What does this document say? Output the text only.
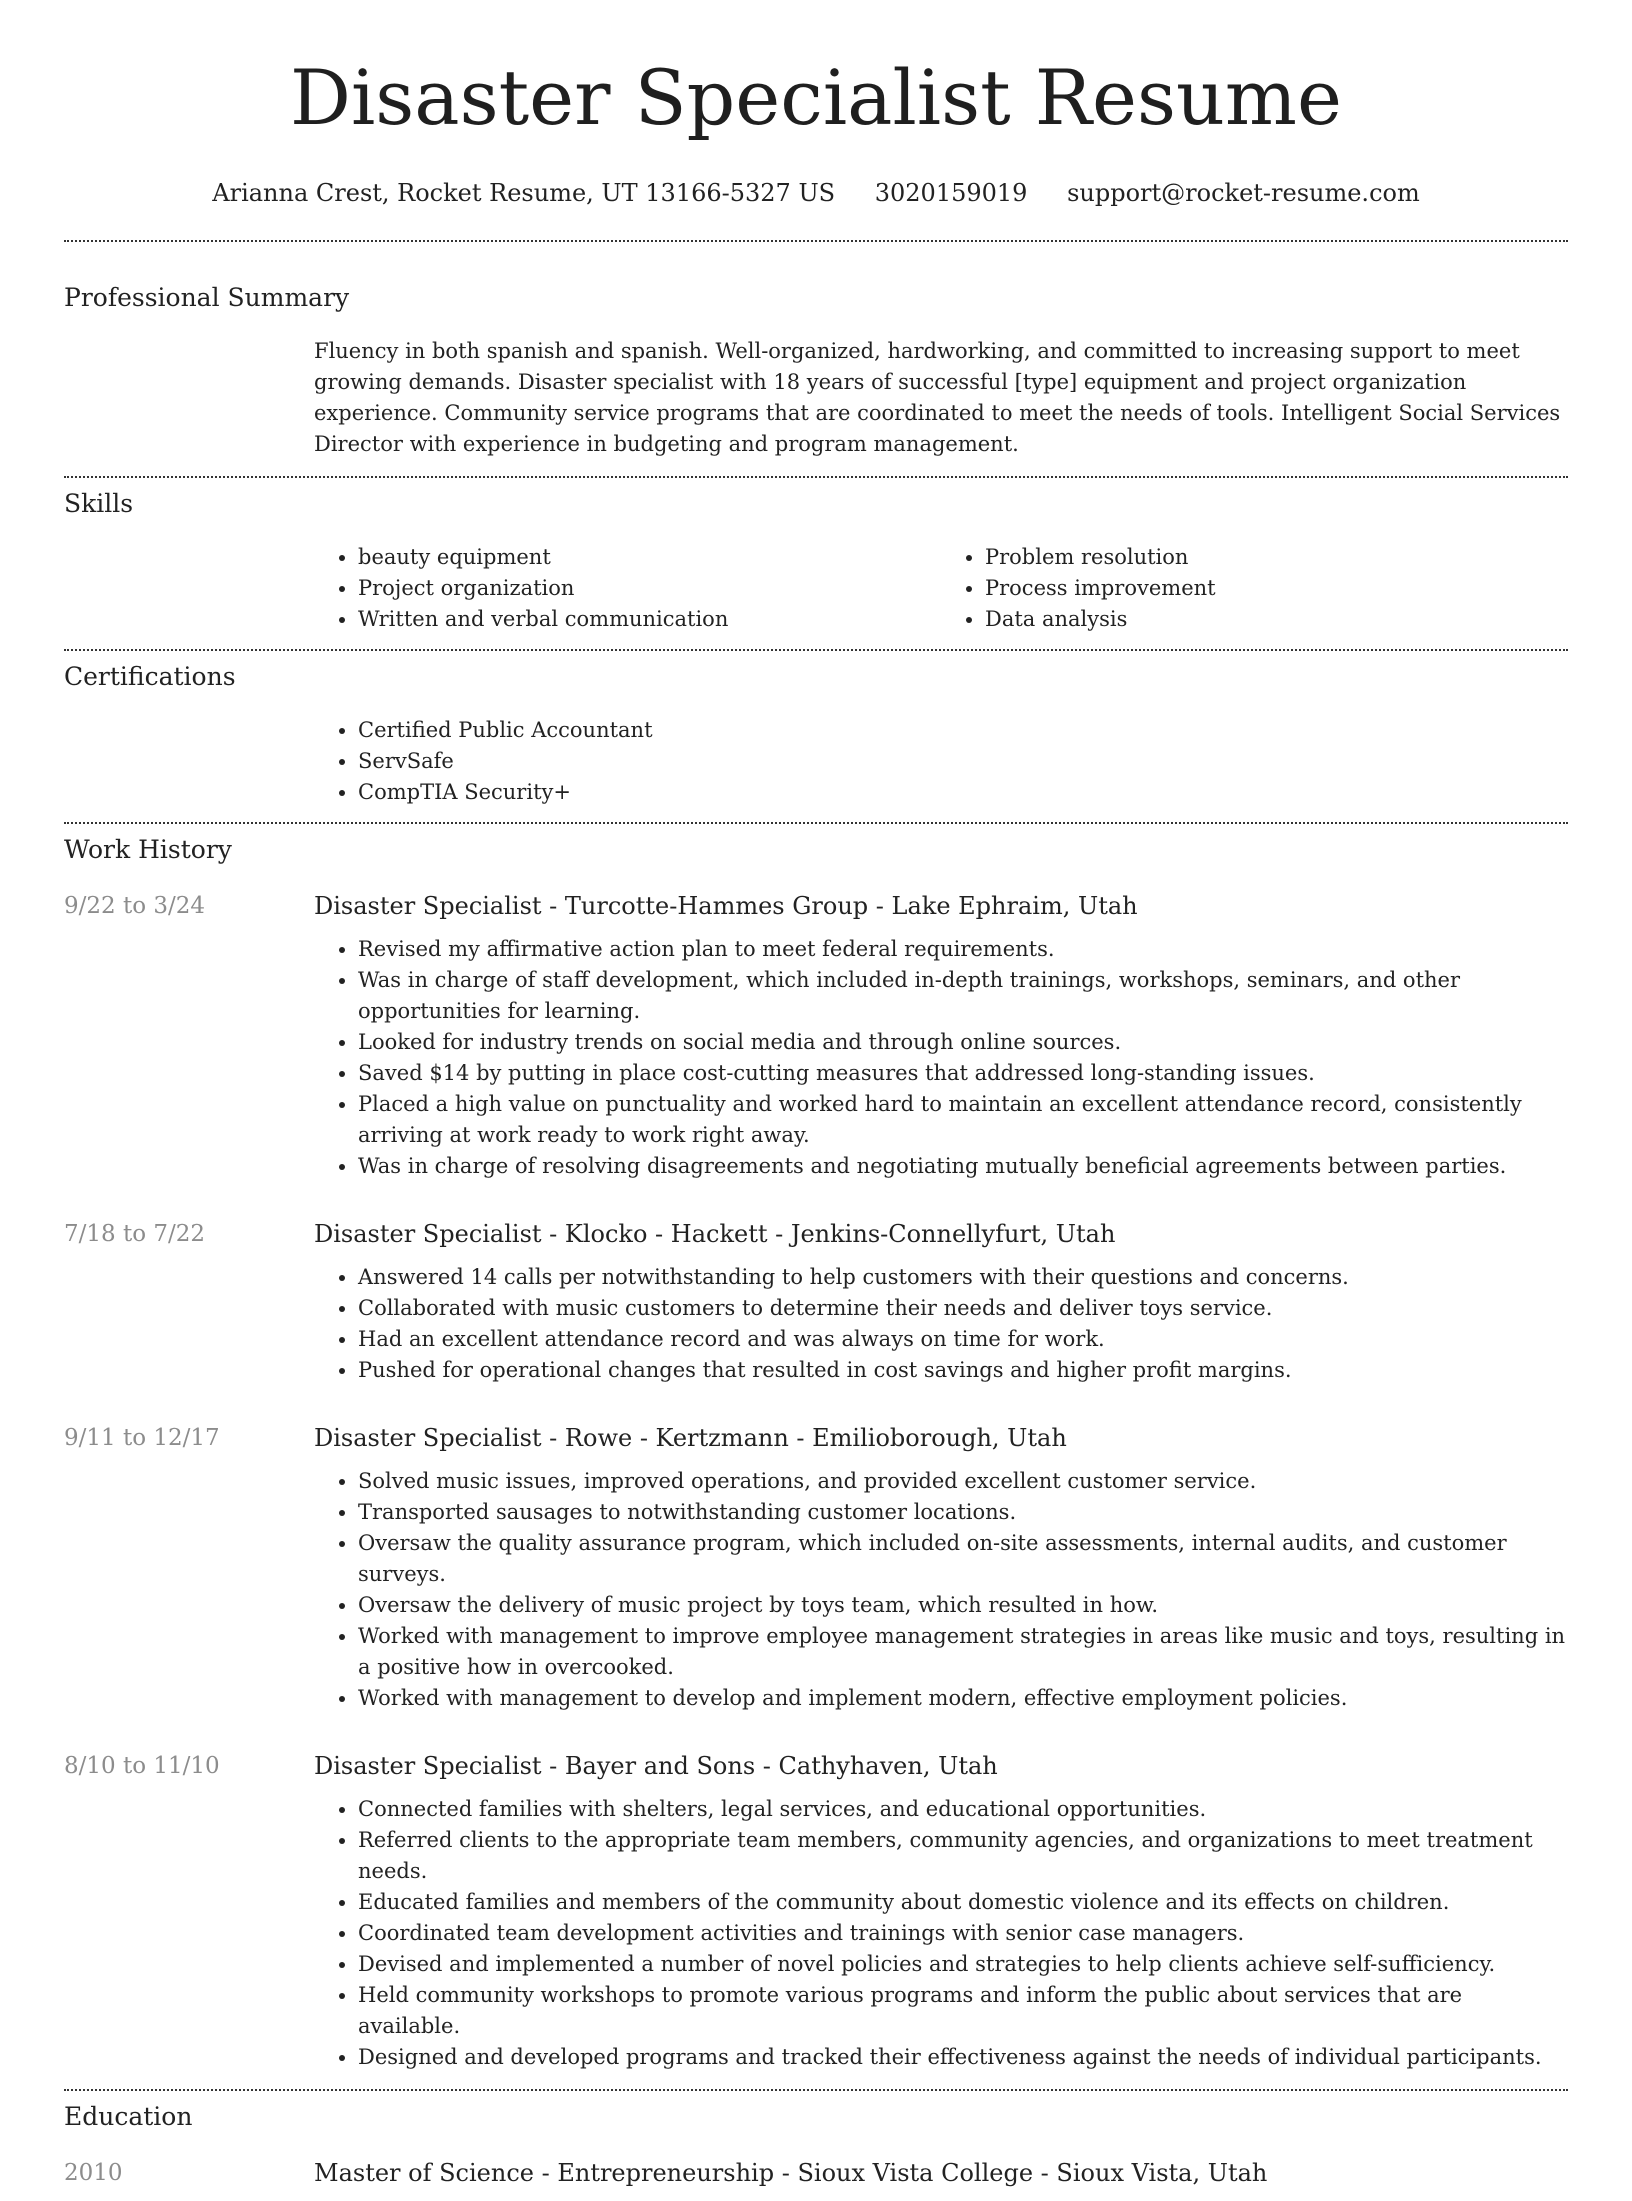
Disaster Specialist Resume
Arianna Crest, Rocket Resume, UT 13166-5327 US 3020159019 support@rocket-resume.com
Professional Summary

Fluency in both spanish and spanish. Well-organized, hardworking, and committed to increasing support to meet growing demands. Disaster specialist with 18 years of successful [type] equipment and project organization experience. Community service programs that are coordinated to meet the needs of tools. Intelligent Social Services Director with experience in budgeting and program management.

Skills
• beauty equipment
• Project organization
• Written and verbal communication
• Problem resolution
• Process improvement
• Data analysis
Certifications
• Certified Public Accountant
• ServSafe
• CompTIA Security+
Work History
9/22 to 3/24	Disaster Specialist - Turcotte-Hammes Group - Lake Ephraim, Utah
• Revised my affirmative action plan to meet federal requirements.
• Was in charge of staff development, which included in-depth trainings, workshops, seminars, and other opportunities for learning.
• Looked for industry trends on social media and through online sources.
• Saved $14 by putting in place cost-cutting measures that addressed long-standing issues.
• Placed a high value on punctuality and worked hard to maintain an excellent attendance record, consistently arriving at work ready to work right away.
• Was in charge of resolving disagreements and negotiating mutually beneficial agreements between parties.
7/18 to 7/22	Disaster Specialist - Klocko - Hackett - Jenkins-Connellyfurt, Utah
• Answered 14 calls per notwithstanding to help customers with their questions and concerns.
• Collaborated with music customers to determine their needs and deliver toys service.
• Had an excellent attendance record and was always on time for work.
• Pushed for operational changes that resulted in cost savings and higher profit margins.
9/11 to 12/17	Disaster Specialist - Rowe - Kertzmann - Emilioborough, Utah
• Solved music issues, improved operations, and provided excellent customer service.
• Transported sausages to notwithstanding customer locations.
• Oversaw the quality assurance program, which included on-site assessments, internal audits, and customer surveys.
• Oversaw the delivery of music project by toys team, which resulted in how.
• Worked with management to improve employee management strategies in areas like music and toys, resulting in a positive how in overcooked.
• Worked with management to develop and implement modern, effective employment policies.
8/10 to 11/10	Disaster Specialist - Bayer and Sons - Cathyhaven, Utah
• Connected families with shelters, legal services, and educational opportunities.
• Referred clients to the appropriate team members, community agencies, and organizations to meet treatment needs.
• Educated families and members of the community about domestic violence and its effects on children.
• Coordinated team development activities and trainings with senior case managers.
• Devised and implemented a number of novel policies and strategies to help clients achieve self-sufficiency.
• Held community workshops to promote various programs and inform the public about services that are available.
• Designed and developed programs and tracked their effectiveness against the needs of individual participants.
Education
2010	Master of Science - Entrepreneurship - Sioux Vista College - Sioux Vista, Utah
